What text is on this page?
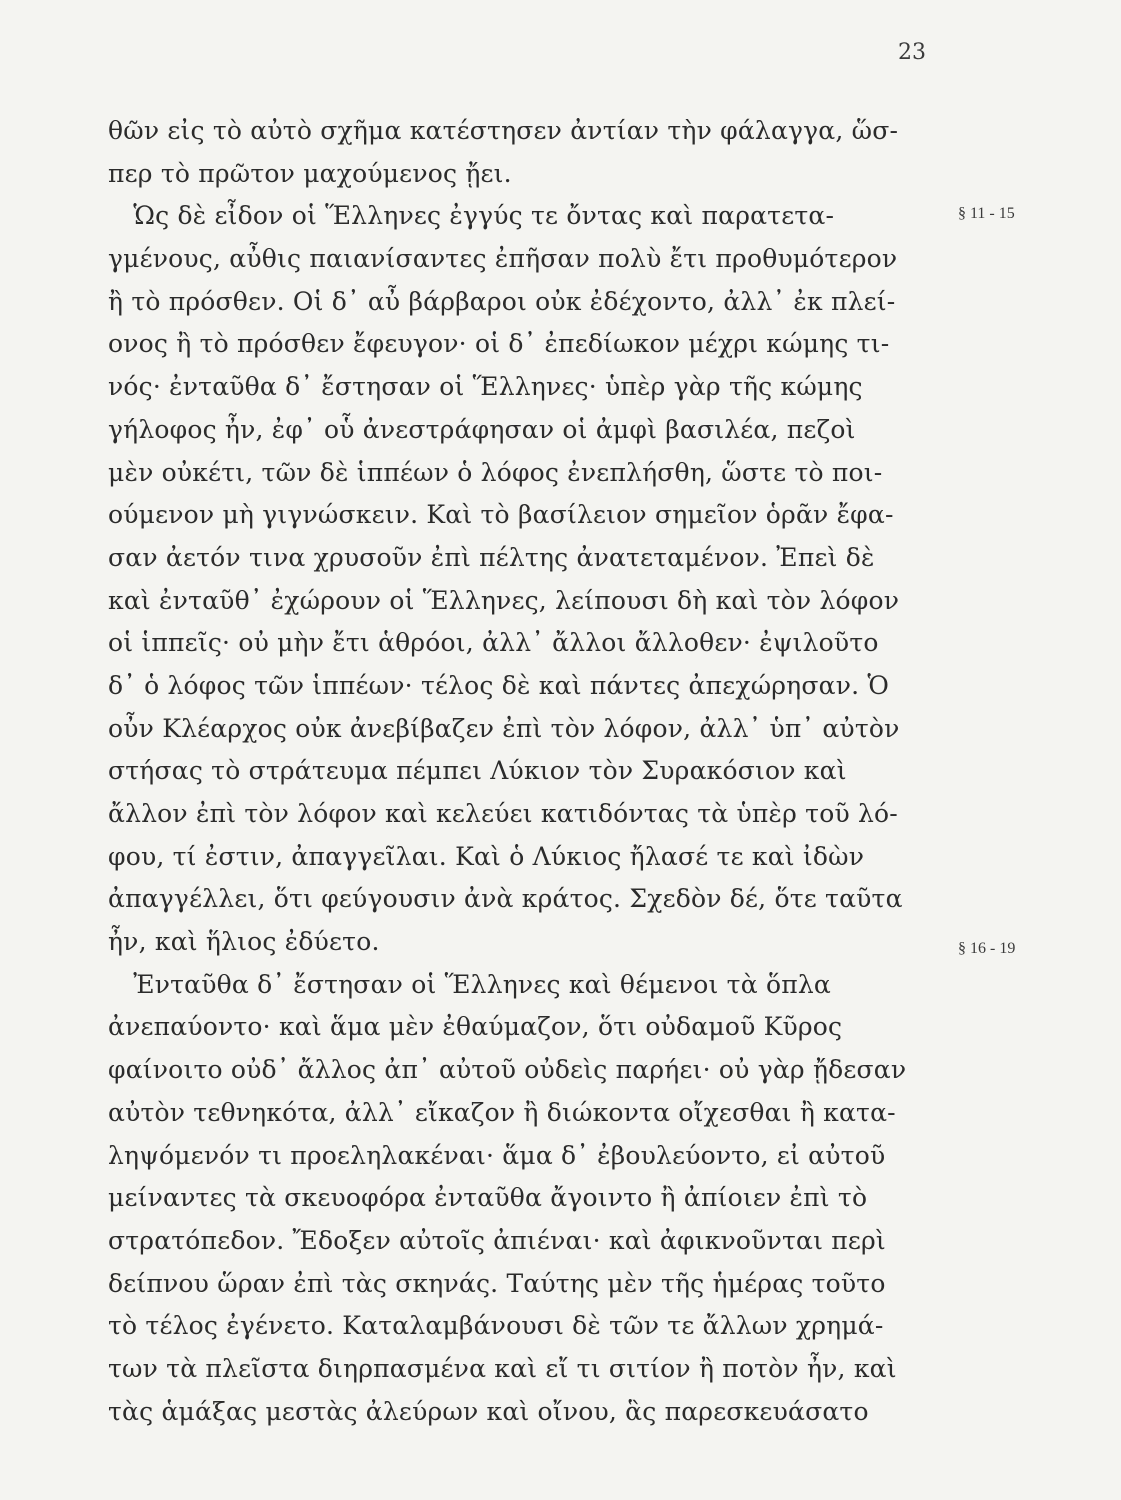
23
§ 11 - 15
§ 16 - 19
θῶν εἰς τὸ αὐτὸ σχῆμα κατέστησεν ἀντίαν τὴν φάλαγγα, ὥσ-
περ τὸ πρῶτον μαχούμενος ᾔει.
 Ὡς δὲ εἶδον οἱ Ἕλληνες ἐγγύς τε ὄντας καὶ παρατετα-
γμένους, αὖθις παιανίσαντες ἐπῆσαν πολὺ ἔτι προθυμότερον
ἢ τὸ πρόσθεν. Οἱ δ᾽ αὖ βάρβαροι οὐκ ἐδέχοντο, ἀλλ᾽ ἐκ πλεί-
ονος ἢ τὸ πρόσθεν ἔφευγον· οἱ δ᾽ ἐπεδίωκον μέχρι κώμης τι-
νός· ἐνταῦθα δ᾽ ἔστησαν οἱ Ἕλληνες· ὑπὲρ γὰρ τῆς κώμης
γήλοφος ἦν, ἐφ᾽ οὗ ἀνεστράφησαν οἱ ἀμφὶ βασιλέα, πεζοὶ
μὲν οὐκέτι, τῶν δὲ ἱππέων ὁ λόφος ἐνεπλήσθη, ὥστε τὸ ποι-
ούμενον μὴ γιγνώσκειν. Καὶ τὸ βασίλειον σημεῖον ὁρᾶν ἔφα-
σαν ἀετόν τινα χρυσοῦν ἐπὶ πέλτης ἀνατεταμένον. Ἐπεὶ δὲ
καὶ ἐνταῦθ᾽ ἐχώρουν οἱ Ἕλληνες, λείπουσι δὴ καὶ τὸν λόφον
οἱ ἱππεῖς· οὐ μὴν ἔτι ἁθρόοι, ἀλλ᾽ ἄλλοι ἄλλοθεν· ἐψιλοῦτο
δ᾽ ὁ λόφος τῶν ἱππέων· τέλος δὲ καὶ πάντες ἀπεχώρησαν. Ὁ
οὖν Κλέαρχος οὐκ ἀνεβίβαζεν ἐπὶ τὸν λόφον, ἀλλ᾽ ὑπ᾽ αὐτὸν
στήσας τὸ στράτευμα πέμπει Λύκιον τὸν Συρακόσιον καὶ
ἄλλον ἐπὶ τὸν λόφον καὶ κελεύει κατιδόντας τὰ ὑπὲρ τοῦ λό-
φου, τί ἐστιν, ἀπαγγεῖλαι. Καὶ ὁ Λύκιος ἤλασέ τε καὶ ἰδὼν
ἀπαγγέλλει, ὅτι φεύγουσιν ἀνὰ κράτος. Σχεδὸν δέ, ὅτε ταῦτα
ἦν, καὶ ἥλιος ἐδύετο.
 Ἐνταῦθα δ᾽ ἔστησαν οἱ Ἕλληνες καὶ θέμενοι τὰ ὅπλα
ἀνεπαύοντο· καὶ ἅμα μὲν ἐθαύμαζον, ὅτι οὐδαμοῦ Κῦρος
φαίνοιτο οὐδ᾽ ἄλλος ἀπ᾽ αὐτοῦ οὐδεὶς παρήει· οὐ γὰρ ᾔδεσαν
αὐτὸν τεθνηκότα, ἀλλ᾽ εἴκαζον ἢ διώκοντα οἴχεσθαι ἢ κατα-
ληψόμενόν τι προεληλακέναι· ἅμα δ᾽ ἐβουλεύοντο, εἰ αὐτοῦ
μείναντες τὰ σκευοφόρα ἐνταῦθα ἄγοιντο ἢ ἀπίοιεν ἐπὶ τὸ
στρατόπεδον. Ἔδοξεν αὐτοῖς ἀπιέναι· καὶ ἀφικνοῦνται περὶ
δείπνου ὥραν ἐπὶ τὰς σκηνάς. Ταύτης μὲν τῆς ἡμέρας τοῦτο
τὸ τέλος ἐγένετο. Καταλαμβάνουσι δὲ τῶν τε ἄλλων χρημά-
των τὰ πλεῖστα διηρπασμένα καὶ εἴ τι σιτίον ἢ ποτὸν ἦν, καὶ
τὰς ἁμάξας μεστὰς ἀλεύρων καὶ οἴνου, ἃς παρεσκευάσατο
